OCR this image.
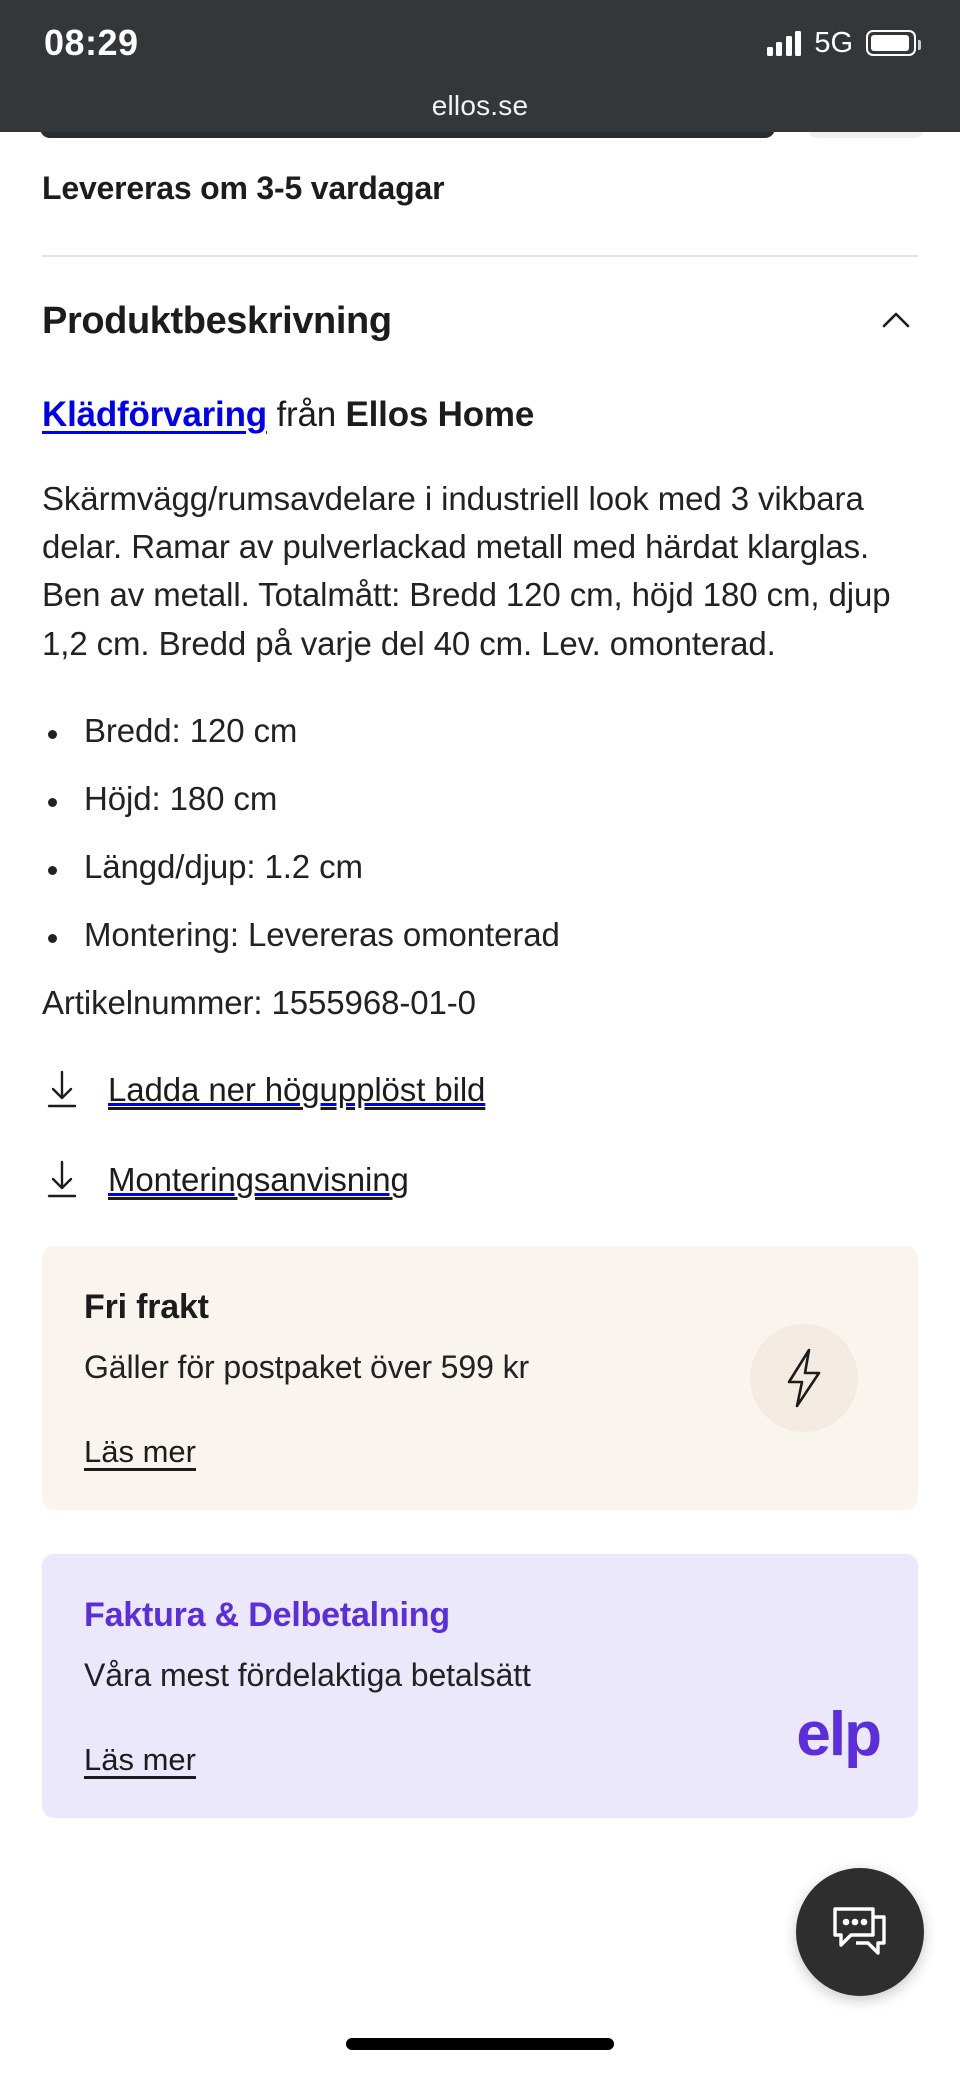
08:29	5G
ellos.se
Levereras om 3-5 vardagar
Produktbeskrivning
Klädförvaring från Ellos Home

Skärmvägg/rumsavdelare i industriell look med 3 vikbara delar. Ramar av pulverlackad metall med härdat klarglas. Ben av metall. Totalmått: Bredd 120 cm, höjd 180 cm, djup 1,2 cm. Bredd på varje del 40 cm. Lev. omonterad.

Bredd: 120 cm
Höjd: 180 cm
Längd/djup: 1.2 cm
Montering: Levereras omonterad
Artikelnummer: 1555968-01-0
Ladda ner högupplöst bild
Monteringsanvisning
Fri frakt
Gäller för postpaket över 599 kr
Läs mer
Faktura & Delbetalning
Våra mest fördelaktiga betalsätt
Läs mer	elp
